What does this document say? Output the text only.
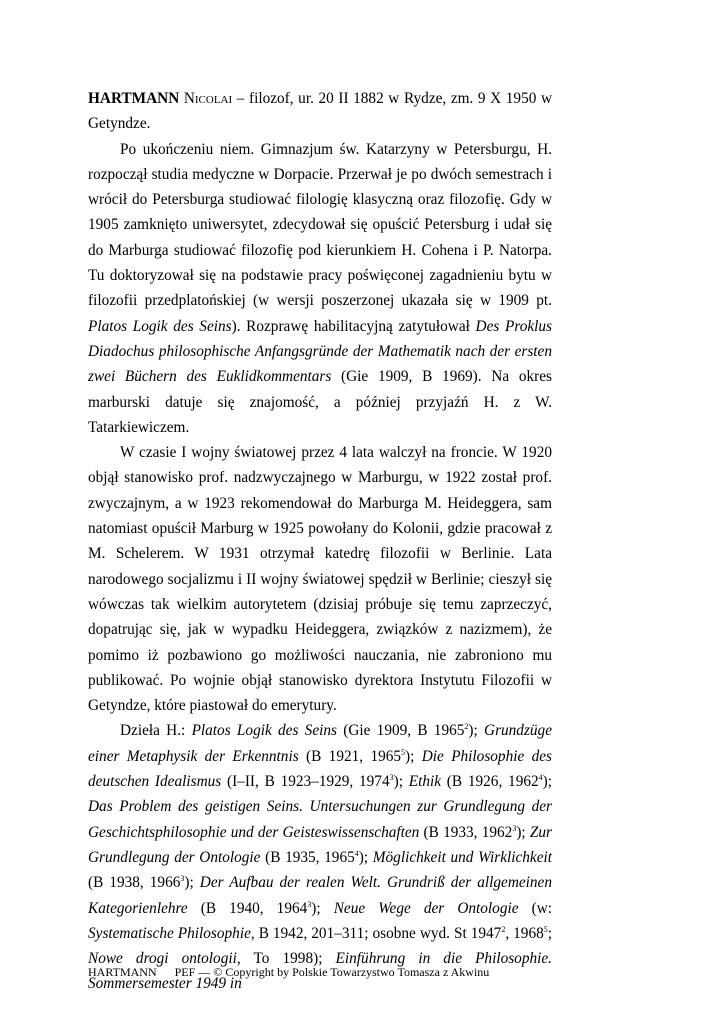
HARTMANN Nicolai – filozof, ur. 20 II 1882 w Rydze, zm. 9 X 1950 w Getyndze.

Po ukończeniu niem. Gimnazjum św. Katarzyny w Petersburgu, H. rozpoczął studia medyczne w Dorpacie. Przerwał je po dwóch semestrach i wrócił do Petersburga studiować filologię klasyczną oraz filozofię. Gdy w 1905 zamknięto uniwersytet, zdecydował się opuścić Petersburg i udał się do Marburga studiować filozofię pod kierunkiem H. Cohena i P. Natorpa. Tu doktoryzował się na podstawie pracy poświęconej zagadnieniu bytu w filozofii przedplatońskiej (w wersji poszerzonej ukazała się w 1909 pt. Platos Logik des Seins). Rozprawę habilitacyjną zatytułował Des Proklus Diadochus philosophische Anfangsgründe der Mathematik nach der ersten zwei Büchern des Euklidkommentars (Gie 1909, B 1969). Na okres marburski datuje się znajomość, a później przyjaźń H. z W. Tatarkiewiczem.

W czasie I wojny światowej przez 4 lata walczył na froncie. W 1920 objął stanowisko prof. nadzwyczajnego w Marburgu, w 1922 został prof. zwyczajnym, a w 1923 rekomendował do Marburga M. Heideggera, sam natomiast opuścił Marburg w 1925 powołany do Kolonii, gdzie pracował z M. Schelerem. W 1931 otrzymał katedrę filozofii w Berlinie. Lata narodowego socjalizmu i II wojny światowej spędził w Berlinie; cieszył się wówczas tak wielkim autorytetem (dzisiaj próbuje się temu zaprzeczyć, dopatrując się, jak w wypadku Heideggera, związków z nazizmem), że pomimo iż pozbawiono go możliwości nauczania, nie zabroniono mu publikować. Po wojnie objął stanowisko dyrektora Instytutu Filozofii w Getyndze, które piastował do emerytury.

Dzieła H.: Platos Logik des Seins (Gie 1909, B 1965$^2$); Grundzüge einer Metaphysik der Erkenntnis (B 1921, 1965$^5$); Die Philosophie des deutschen Idealismus (I–II, B 1923–1929, 1974$^3$); Ethik (B 1926, 1962$^4$); Das Problem des geistigen Seins. Untersuchungen zur Grundlegung der Geschichtsphilosophie und der Geisteswissenschaften (B 1933, 1962$^3$); Zur Grundlegung der Ontologie (B 1935, 1965$^4$); Möglichkeit und Wirklichkeit (B 1938, 1966$^3$); Der Aufbau der realen Welt. Grundriß der allgemeinen Kategorienlehre (B 1940, 1964$^3$); Neue Wege der Ontologie (w: Systematische Philosophie, B 1942, 201–311; osobne wyd. St 1947$^2$, 1968$^5$; Nowe drogi ontologii, To 1998); Einführung in die Philosophie. Sommersemester 1949 in

HARTMANN PEF — © Copyright by Polskie Towarzystwo Tomasza z Akwinu
